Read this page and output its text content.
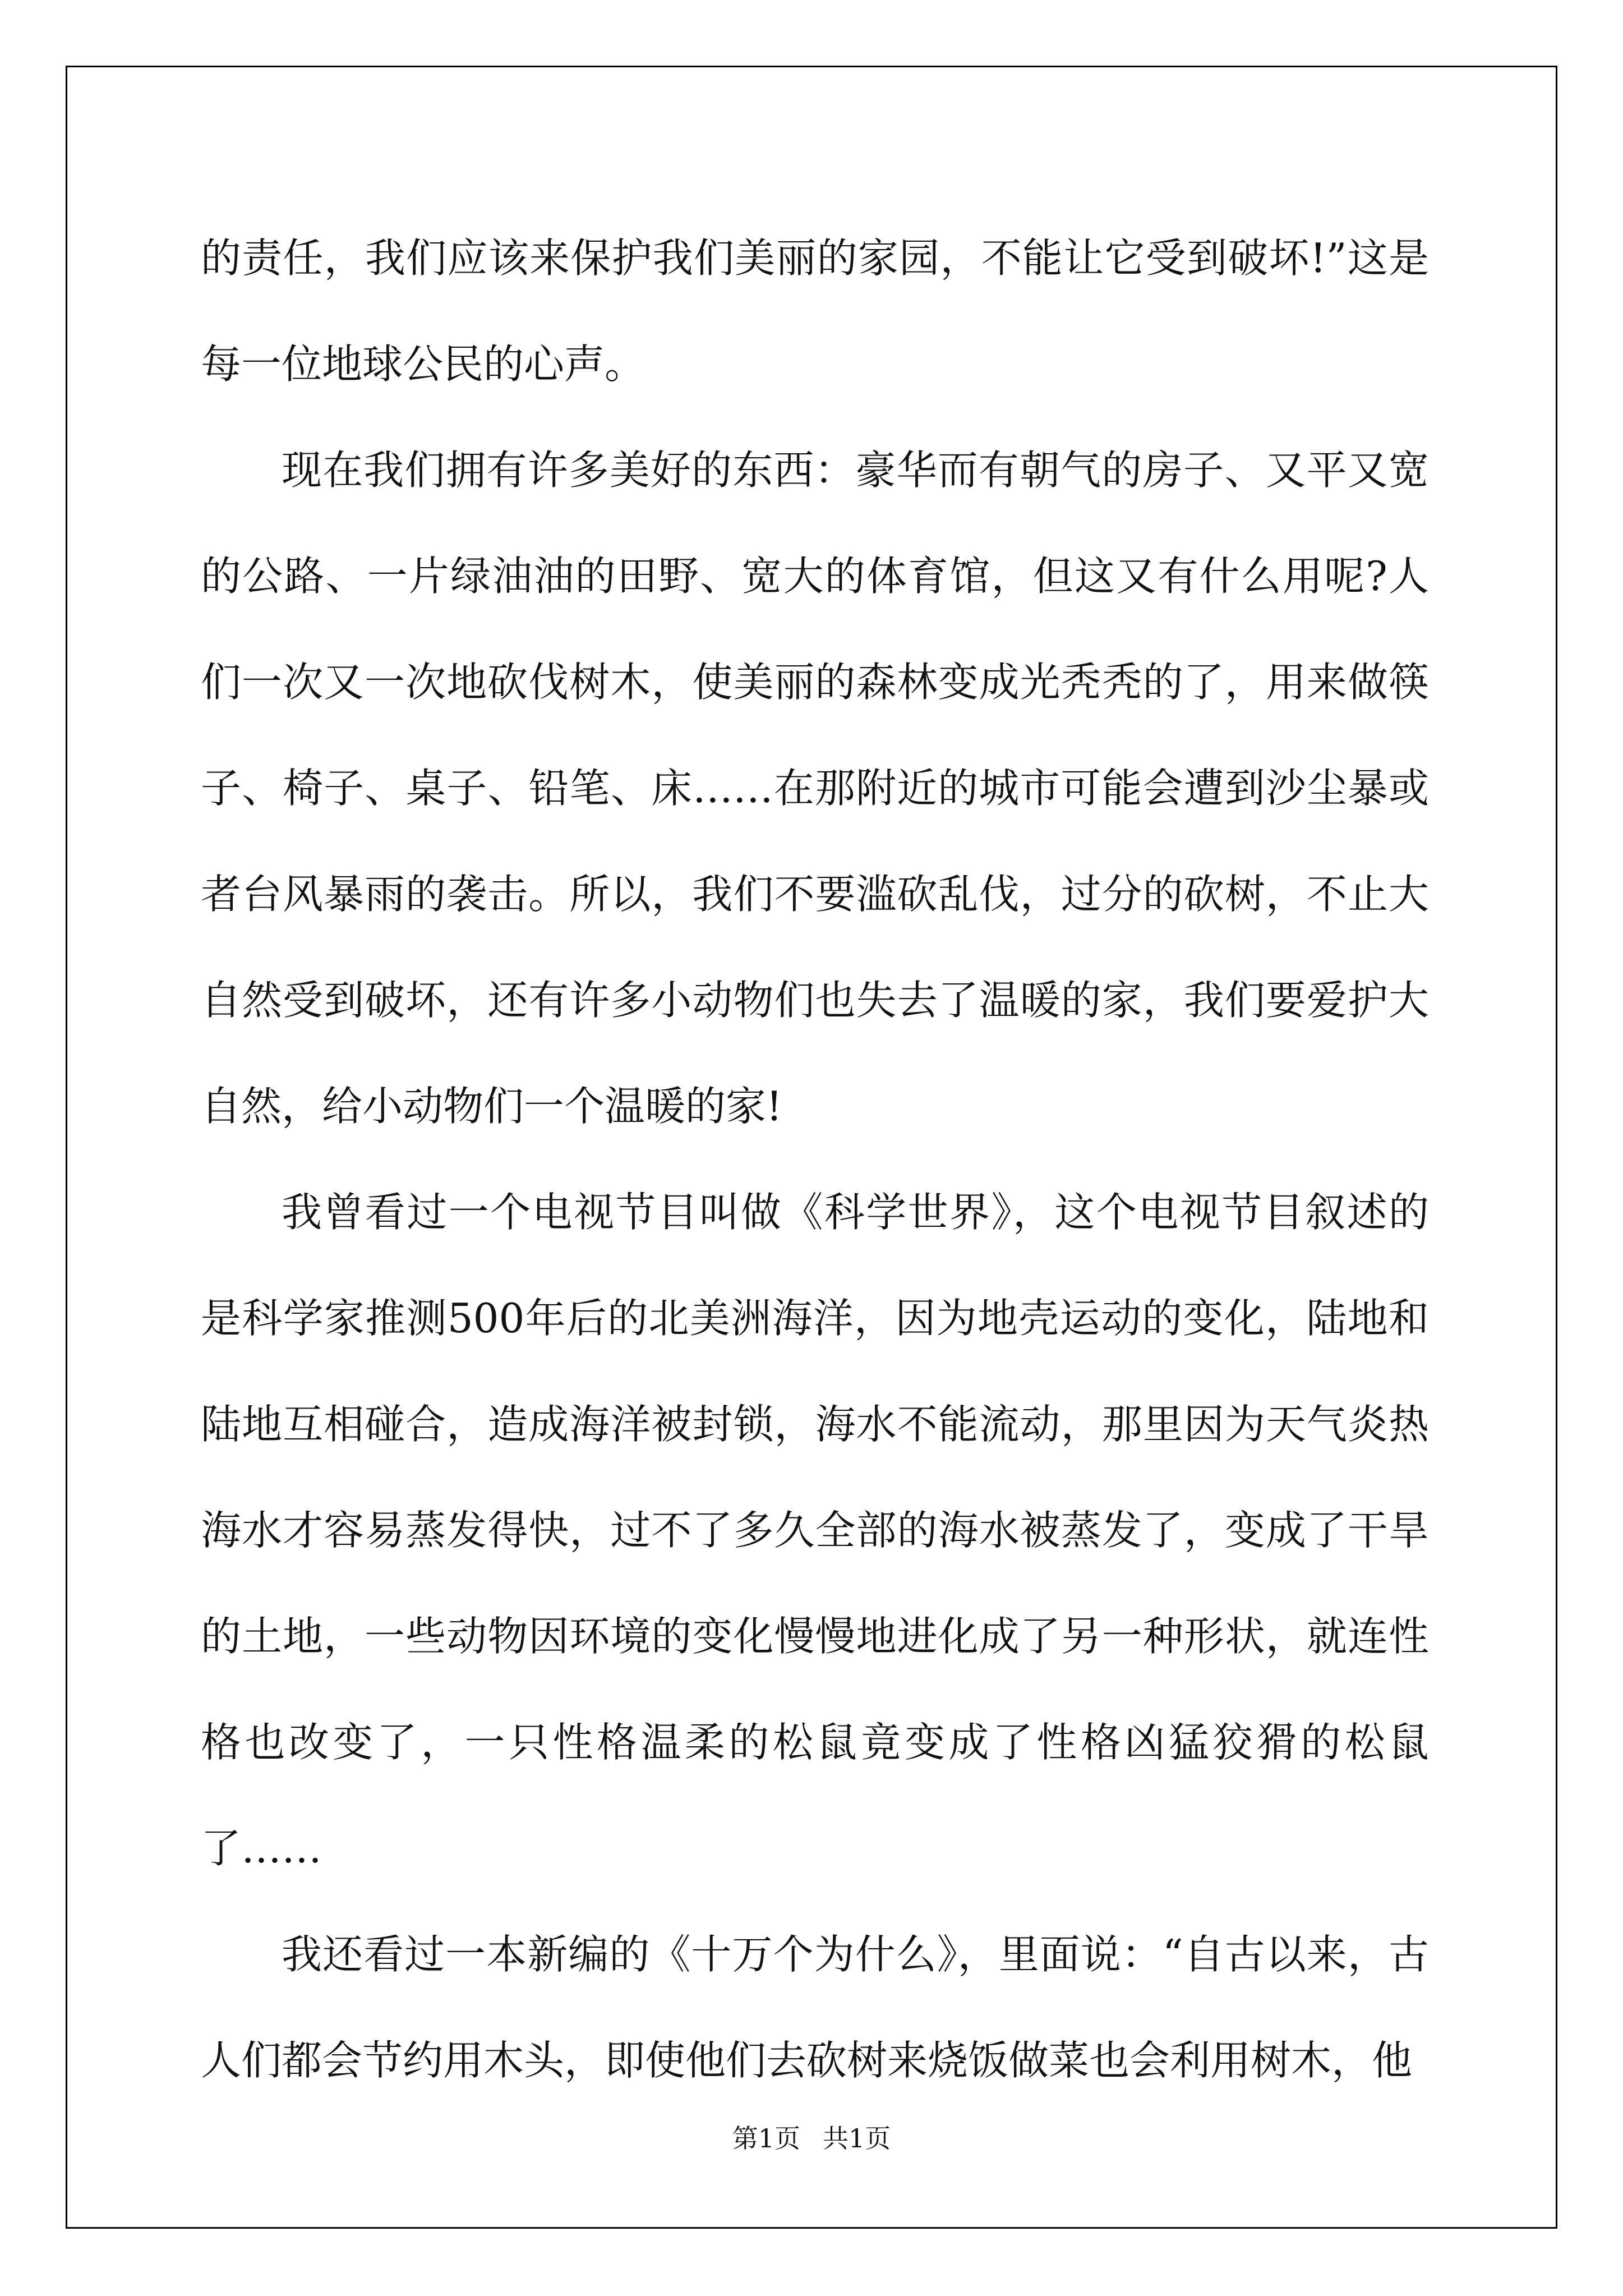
的责任，我们应该来保护我们美丽的家园，不能让它受到破坏!”这是每一位地球公民的心声。

现在我们拥有许多美好的东西：豪华而有朝气的房子、又平又宽的公路、一片绿油油的田野、宽大的体育馆，但这又有什么用呢?人们一次又一次地砍伐树木，使美丽的森林变成光秃秃的了，用来做筷子、椅子、桌子、铅笔、床……在那附近的城市可能会遭到沙尘暴或者台风暴雨的袭击。所以，我们不要滥砍乱伐，过分的砍树，不止大自然受到破坏，还有许多小动物们也失去了温暖的家，我们要爱护大自然，给小动物们一个温暖的家!

我曾看过一个电视节目叫做《科学世界》，这个电视节目叙述的是科学家推测500年后的北美洲海洋，因为地壳运动的变化，陆地和陆地互相碰合，造成海洋被封锁，海水不能流动，那里因为天气炎热海水才容易蒸发得快，过不了多久全部的海水被蒸发了，变成了干旱的土地，一些动物因环境的变化慢慢地进化成了另一种形状，就连性格也改变了，一只性格温柔的松鼠竟变成了性格凶猛狡猾的松鼠了……

我还看过一本新编的《十万个为什么》，里面说：“自古以来，古人们都会节约用木头，即使他们去砍树来烧饭做菜也会利用树木，他

第1页 共1页
